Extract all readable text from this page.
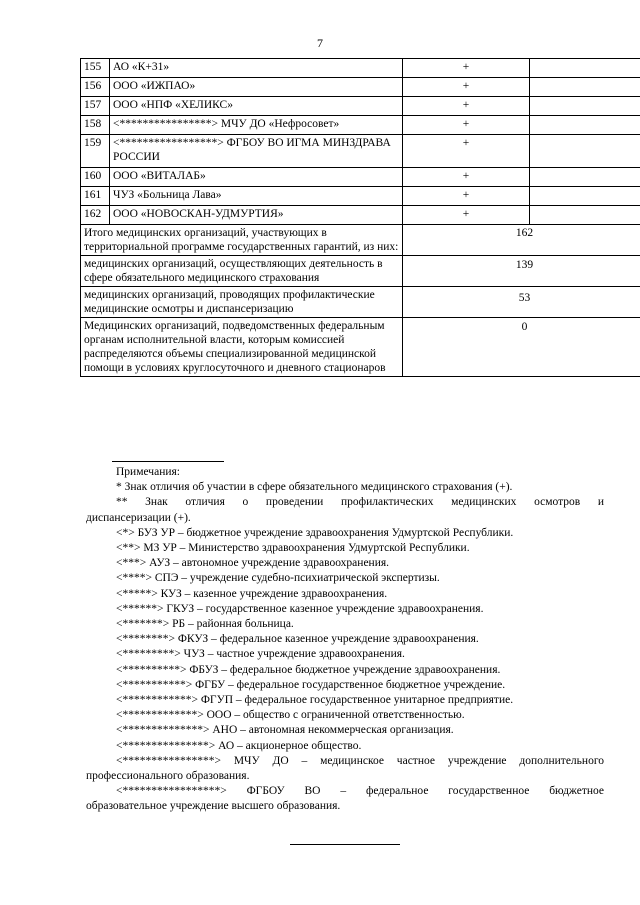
7
155	АО «К+31»	+	
156	ООО «ИЖПАО»	+	
157	ООО «НПФ «ХЕЛИКС»	+	
158	<****************> МЧУ ДО «Нефросовет»	+	
159	<*****************> ФГБОУ ВО ИГМА МИНЗДРАВА РОССИИ	+	
160	ООО «ВИТАЛАБ»	+	
161	ЧУЗ «Больница Лава»	+	
162	ООО «НОВОСКАН-УДМУРТИЯ»	+	
Итого медицинских организаций, участвующих в территориальной программе государственных гарантий, из них:		162	
медицинских организаций, осуществляющих деятельность в сфере обязательного медицинского страхования		139	
медицинских организаций, проводящих профилактические медицинские осмотры и диспансеризацию		53	
Медицинских организаций, подведомственных федеральным органам исполнительной власти, которым комиссией распределяются объемы специализированной медицинской помощи в условиях круглосуточного и дневного стационаров		0	
Примечания:
* Знак отличия об участии в сфере обязательного медицинского страхования (+).
** Знак отличия о проведении профилактических медицинских осмотров и
диспансеризации (+).
<*> БУЗ УР – бюджетное учреждение здравоохранения Удмуртской Республики.
<**> МЗ УР – Министерство здравоохранения Удмуртской Республики.
<***> АУЗ – автономное учреждение здравоохранения.
<****> СПЭ – учреждение судебно-психиатрической экспертизы.
<*****> КУЗ – казенное учреждение здравоохранения.
<******> ГКУЗ – государственное казенное учреждение здравоохранения.
<*******> РБ – районная больница.
<********> ФКУЗ – федеральное казенное учреждение здравоохранения.
<*********> ЧУЗ – частное учреждение здравоохранения.
<**********> ФБУЗ – федеральное бюджетное учреждение здравоохранения.
<***********> ФГБУ – федеральное государственное бюджетное учреждение.
<************> ФГУП – федеральное государственное унитарное предприятие.
<*************> ООО – общество с ограниченной ответственностью.
<**************> АНО – автономная некоммерческая организация.
<***************> АО – акционерное общество.
<****************> МЧУ ДО – медицинское частное учреждение дополнительного
профессионального образования.
<*****************> ФГБОУ ВО – федеральное государственное бюджетное
образовательное учреждение высшего образования.
